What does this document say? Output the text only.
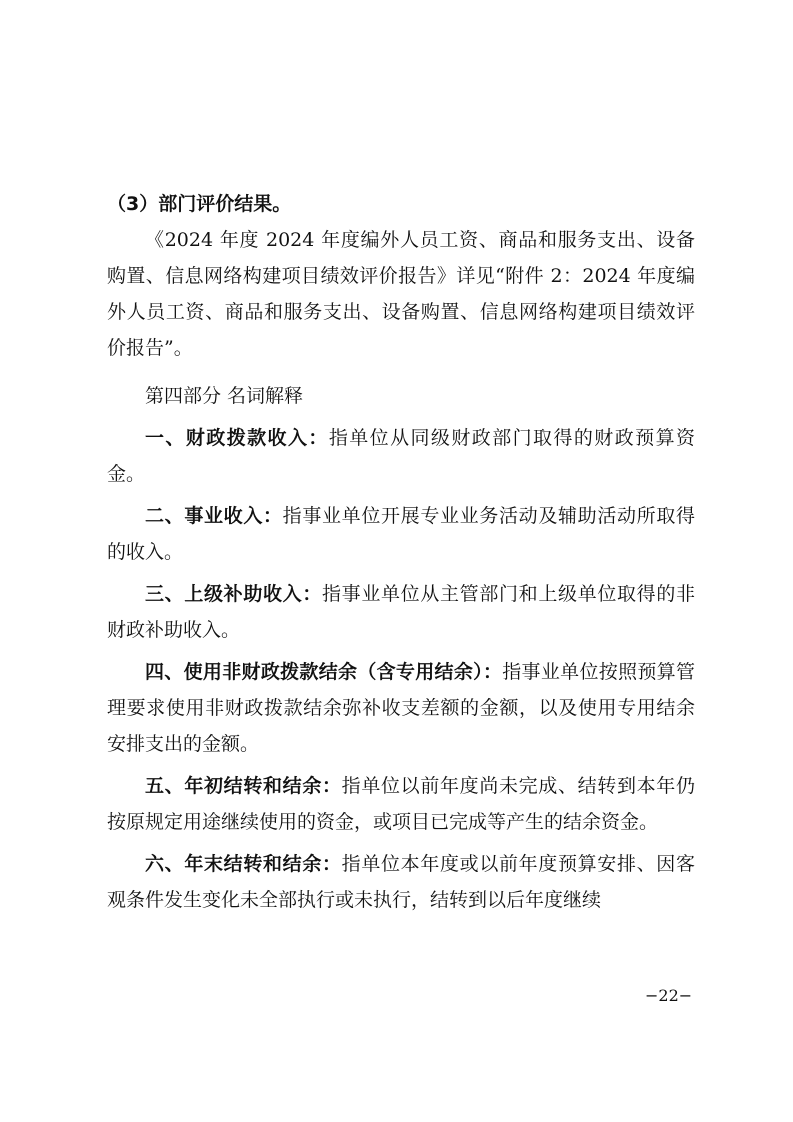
（3）部门评价结果。

《2024 年度 2024 年度编外人员工资、商品和服务支出、设备购置、信息网络构建项目绩效评价报告》详见“附件 2：2024 年度编外人员工资、商品和服务支出、设备购置、信息网络构建项目绩效评价报告”。

第四部分 名词解释

一、财政拨款收入：指单位从同级财政部门取得的财政预算资金。

二、事业收入：指事业单位开展专业业务活动及辅助活动所取得的收入。

三、上级补助收入：指事业单位从主管部门和上级单位取得的非财政补助收入。

四、使用非财政拨款结余（含专用结余）：指事业单位按照预算管理要求使用非财政拨款结余弥补收支差额的金额，以及使用专用结余安排支出的金额。

五、年初结转和结余：指单位以前年度尚未完成、结转到本年仍按原规定用途继续使用的资金，或项目已完成等产生的结余资金。

六、年末结转和结余：指单位本年度或以前年度预算安排、因客观条件发生变化未全部执行或未执行，结转到以后年度继续

−22−
